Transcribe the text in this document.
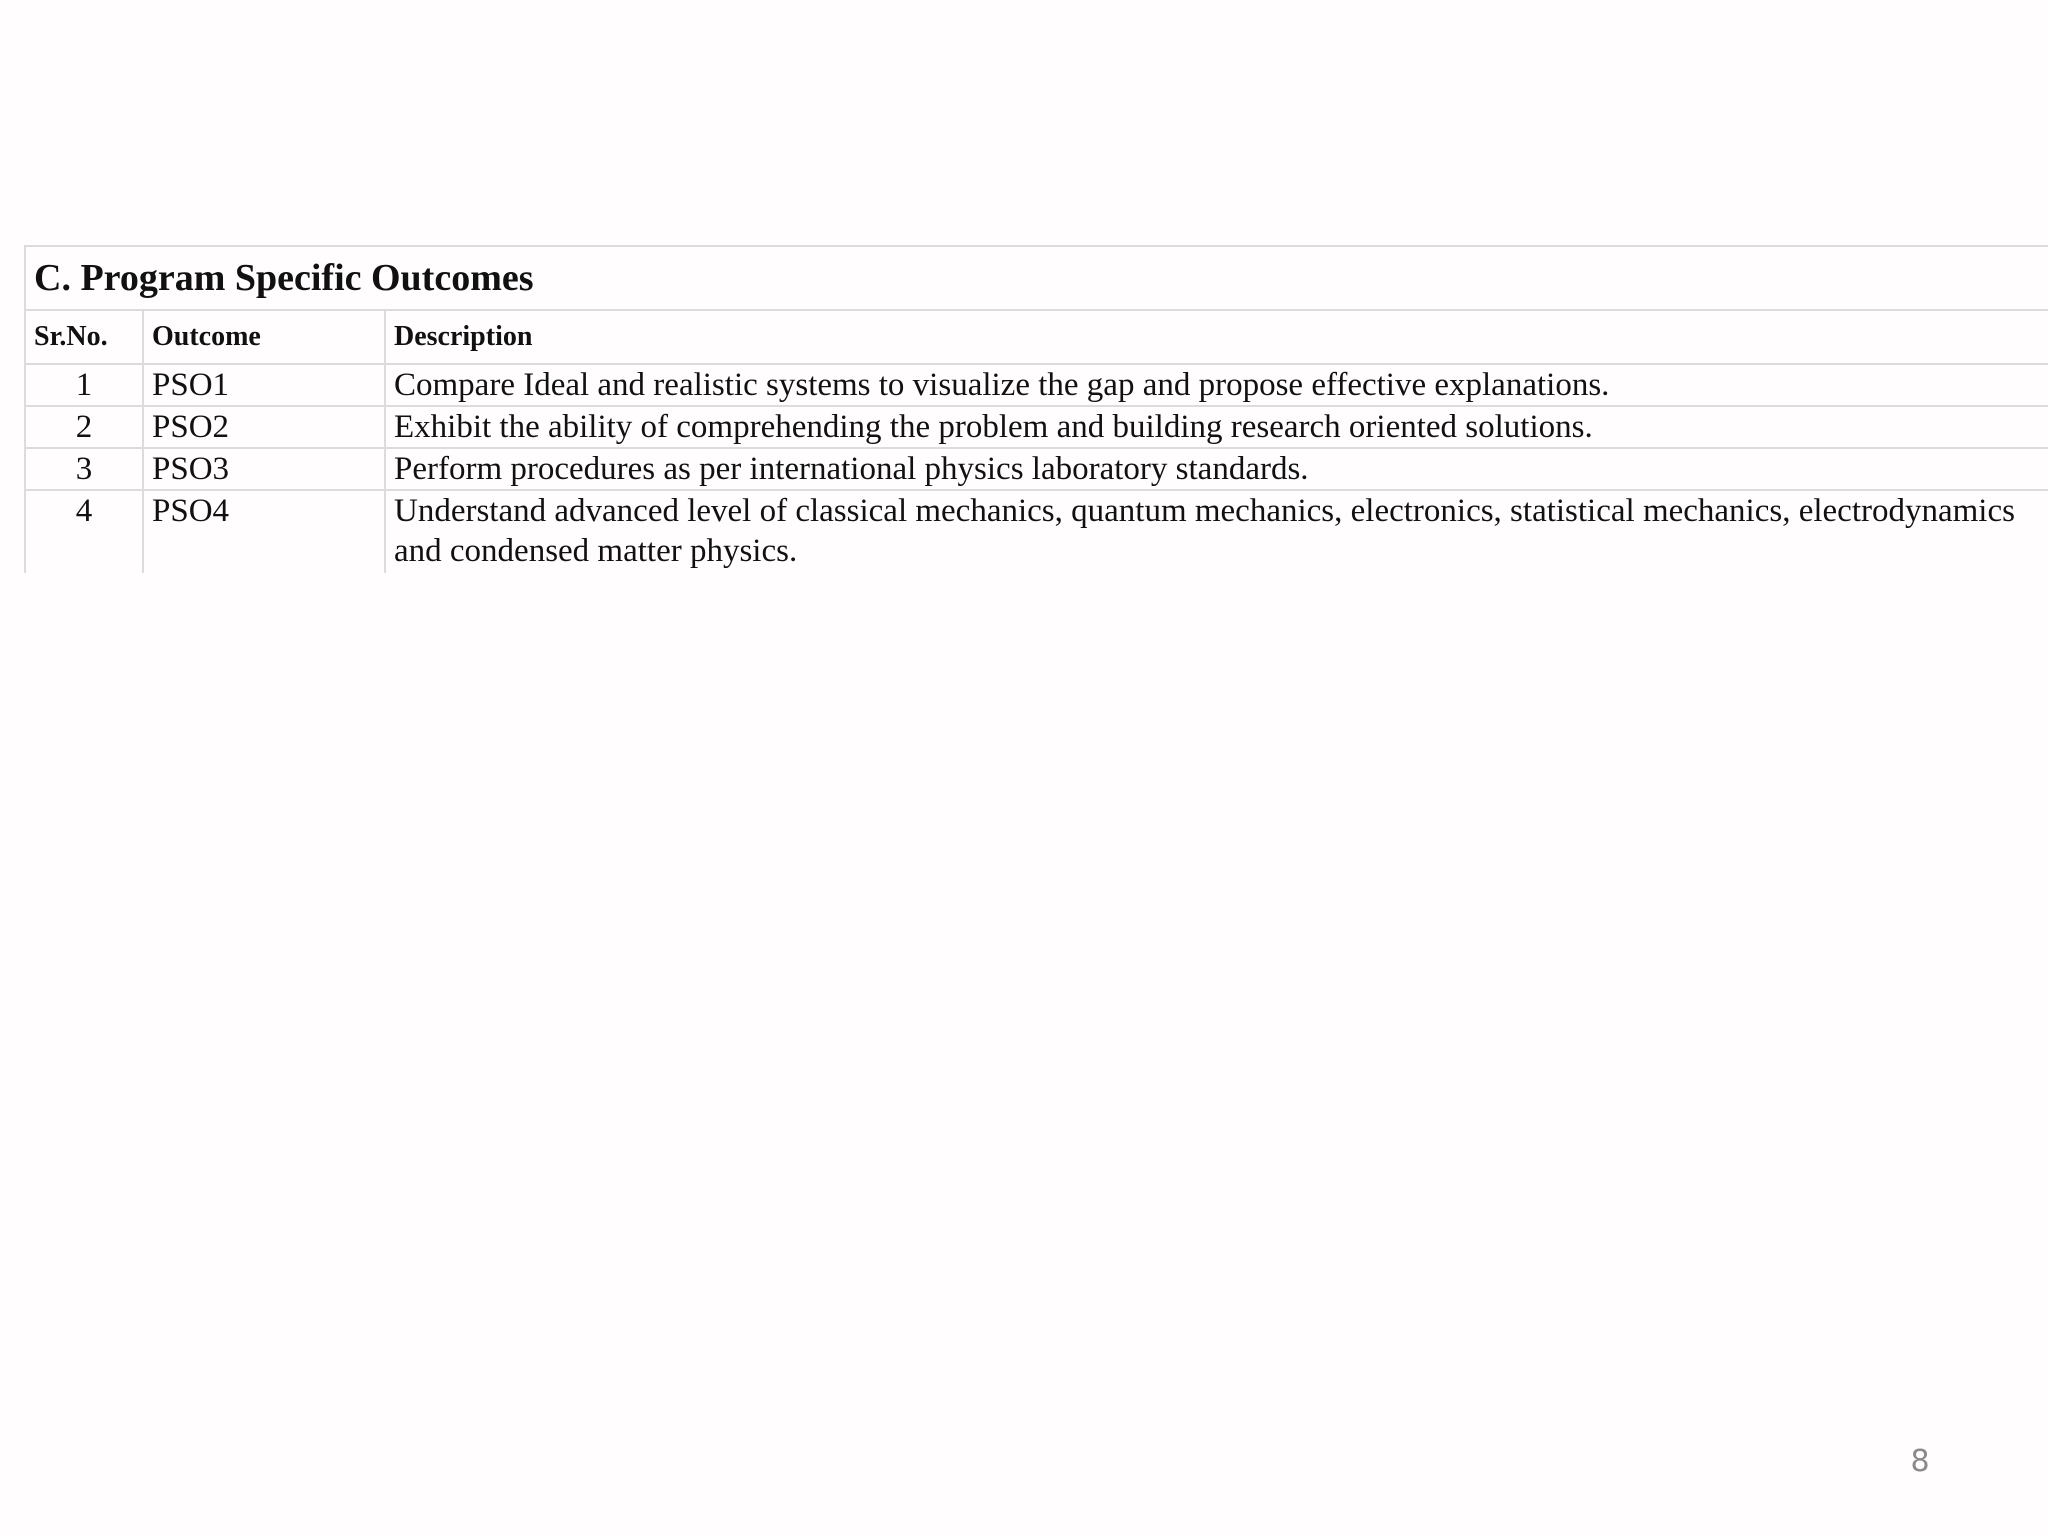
C. Program Specific Outcomes		
Sr.No.	Outcome	Description
1	PSO1	Compare Ideal and realistic systems to visualize the gap and propose effective explanations.
2	PSO2	Exhibit the ability of comprehending the problem and building research oriented solutions.
3	PSO3	Perform procedures as per international physics laboratory standards.
4	PSO4	Understand advanced level of classical mechanics, quantum mechanics, electronics, statistical mechanics, electrodynamics and condensed matter physics.
8
